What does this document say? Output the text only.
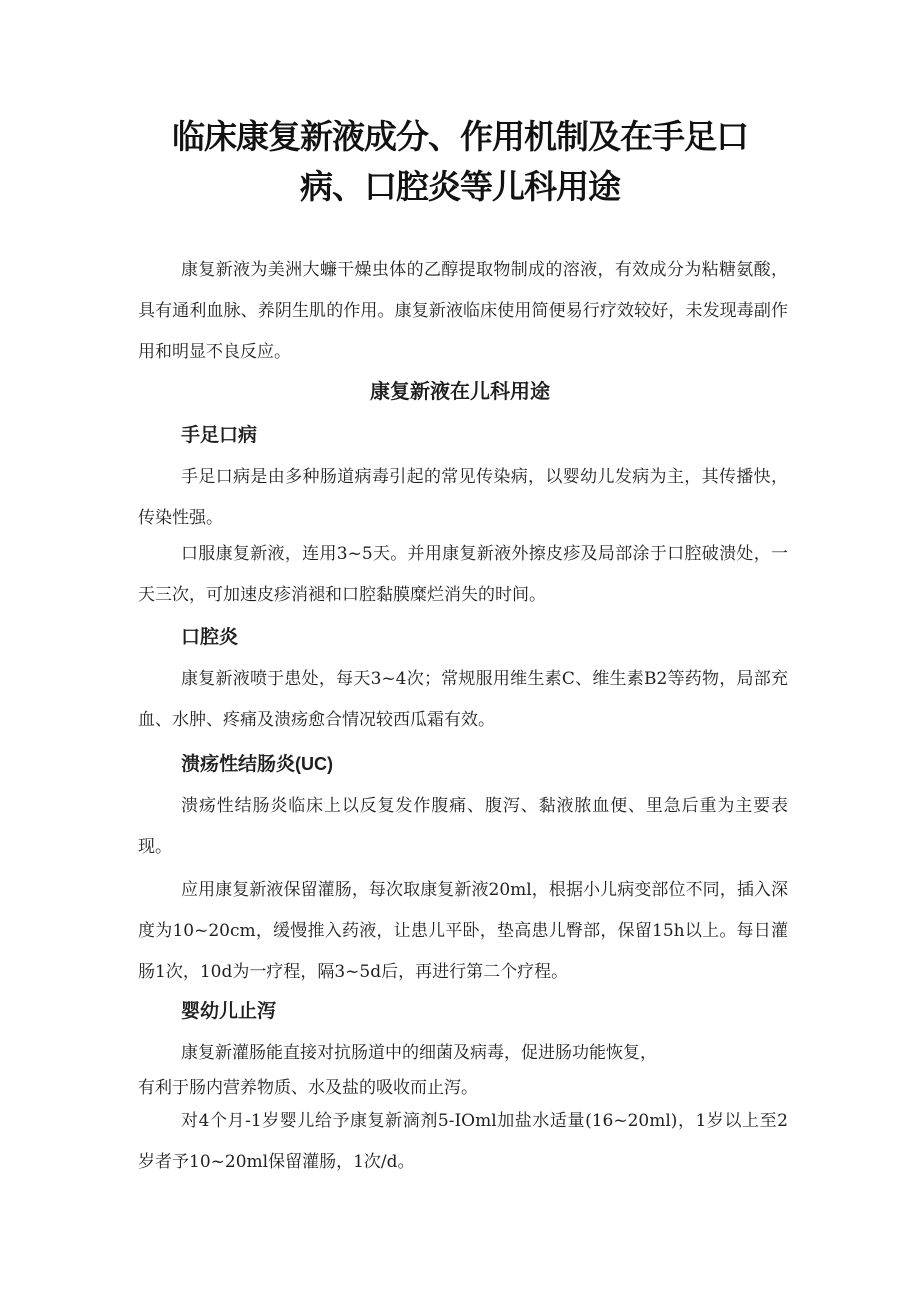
临床康复新液成分、作用机制及在手足口
病、口腔炎等儿科用途

康复新液为美洲大蠊干燥虫体的乙醇提取物制成的溶液，有效成分为粘糖氨酸，具有通利血脉、养阴生肌的作用。康复新液临床使用简便易行疗效较好，未发现毒副作用和明显不良反应。

康复新液在儿科用途
手足口病

手足口病是由多种肠道病毒引起的常见传染病，以婴幼儿发病为主，其传播快，传染性强。

口服康复新液，连用3~5天。并用康复新液外擦皮疹及局部涂于口腔破溃处，一天三次，可加速皮疹消褪和口腔黏膜糜烂消失的时间。

口腔炎

康复新液喷于患处，每天3~4次；常规服用维生素C、维生素B2等药物，局部充血、水肿、疼痛及溃疡愈合情况较西瓜霜有效。

溃疡性结肠炎(UC)

溃疡性结肠炎临床上以反复发作腹痛、腹泻、黏液脓血便、里急后重为主要表现。

应用康复新液保留灌肠，每次取康复新液20ml，根据小儿病变部位不同，插入深度为10~20cm，缓慢推入药液，让患儿平卧，垫高患儿臀部，保留15h以上。每日灌肠1次，10d为一疗程，隔3~5d后，再进行第二个疗程。

婴幼儿止泻

康复新灌肠能直接对抗肠道中的细菌及病毒，促进肠功能恢复，
有利于肠内营养物质、水及盐的吸收而止泻。

对4个月-1岁婴儿给予康复新滴剂5-IOml加盐水适量(16~20ml)，1岁以上至2岁者予10~20ml保留灌肠，1次/d。
